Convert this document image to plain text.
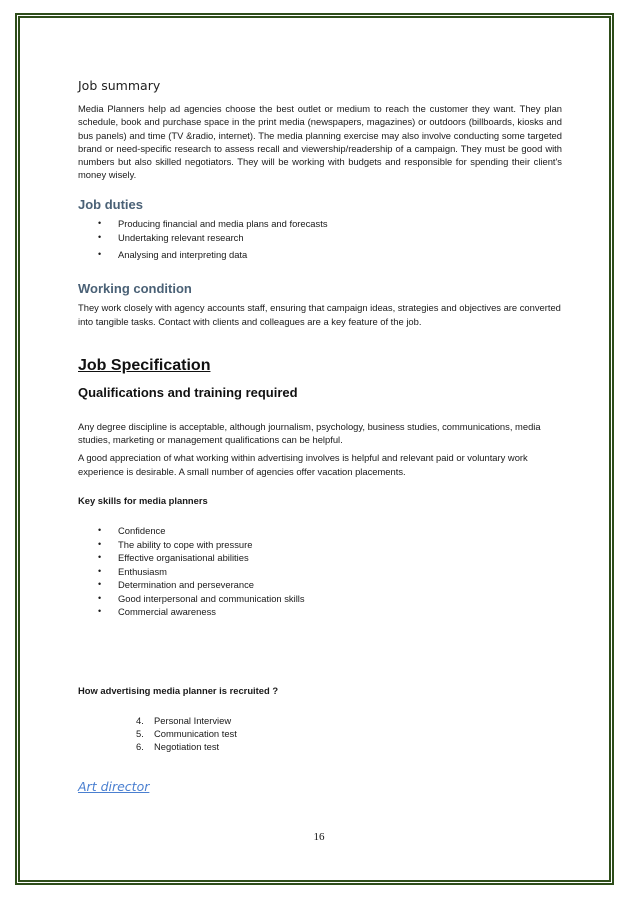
Job summary

Media Planners help ad agencies choose the best outlet or medium to reach the customer they want. They plan schedule, book and purchase space in the print media (newspapers, magazines) or outdoors (billboards, kiosks and bus panels) and time (TV &radio, internet). The media planning exercise may also involve conducting some targeted brand or need-specific research to assess recall and viewership/readership of a campaign. They must be good with numbers but also skilled negotiators. They will be working with budgets and responsible for spending their client's money wisely.

Job duties
• Producing financial and media plans and forecasts
• Undertaking relevant research
• Analysing and interpreting data
Working condition

They work closely with agency accounts staff, ensuring that campaign ideas, strategies and objectives are converted into tangible tasks. Contact with clients and colleagues are a key feature of the job.

Job Specification
Qualifications and training required

Any degree discipline is acceptable, although journalism, psychology, business studies, communications, media studies, marketing or management qualifications can be helpful.

A good appreciation of what working within advertising involves is helpful and relevant paid or voluntary work experience is desirable. A small number of agencies offer vacation placements.

Key skills for media planners
• Confidence
• The ability to cope with pressure
• Effective organisational abilities
• Enthusiasm
• Determination and perseverance
• Good interpersonal and communication skills
• Commercial awareness
How advertising media planner is recruited ?
4. Personal Interview
5. Communication test
6. Negotiation test
Art director
16
